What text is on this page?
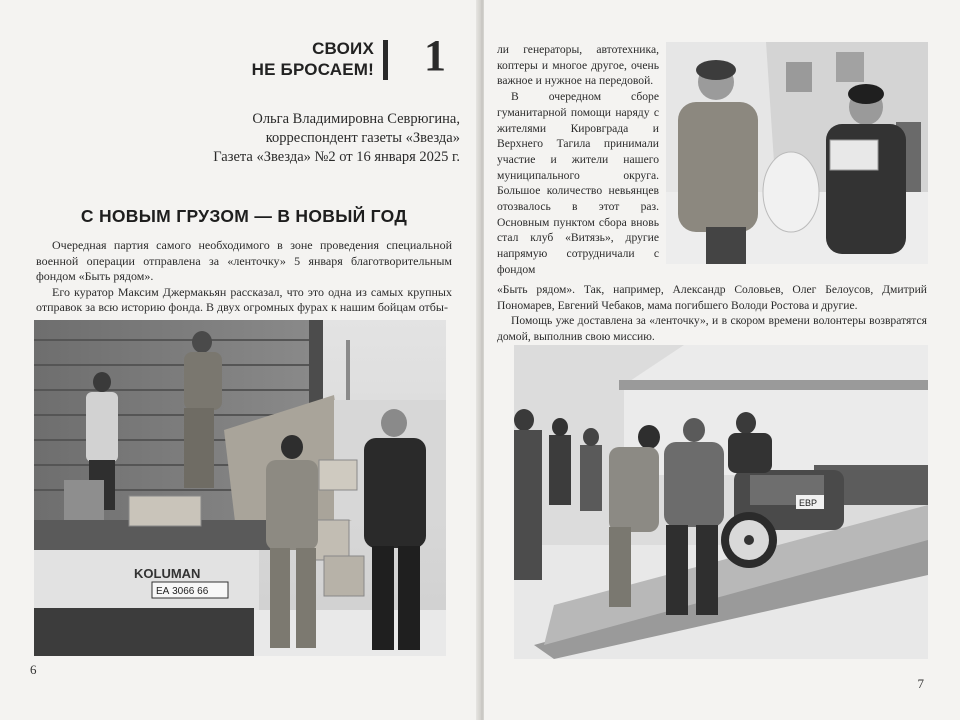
СВОИХ
НЕ БРОСАЕМ! 1
Ольга Владимировна Севрюгина,
корреспондент газеты «Звезда»
Газета «Звезда» №2 от 16 января 2025 г.
С НОВЫМ ГРУЗОМ — В НОВЫЙ ГОД

Очередная партия самого необходимого в зоне проведения специальной военной операции отправлена за «ленточку» 5 января благотворительным фондом «Быть рядом».

Его куратор Максим Джермакьян рассказал, что это одна из самых крупных отправок за всю историю фонда. В двух огромных фурах к нашим бойцам отбы-

KOLUMAN
ЕА 3066 66
6

ли генераторы, автотехника, коптеры и многое другое, очень важное и нужное на передовой.

В очередном сборе гуманитарной помощи наряду с жителями Кировграда и Верхнего Тагила принимали участие и жители нашего муниципального округа. Большое количество невьянцев отозвалось в этот раз. Основным пунктом сбора вновь стал клуб «Витязь», другие напрямую сотрудничали с фондом

«Быть рядом». Так, например, Александр Соловьев, Олег Белоусов, Дмитрий Пономарев, Евгений Чебаков, мама погибшего Володи Ростова и другие.

Помощь уже доставлена за «ленточку», и в скором времени волонтеры возвратятся домой, выполнив свою миссию.

ЕВР
7
